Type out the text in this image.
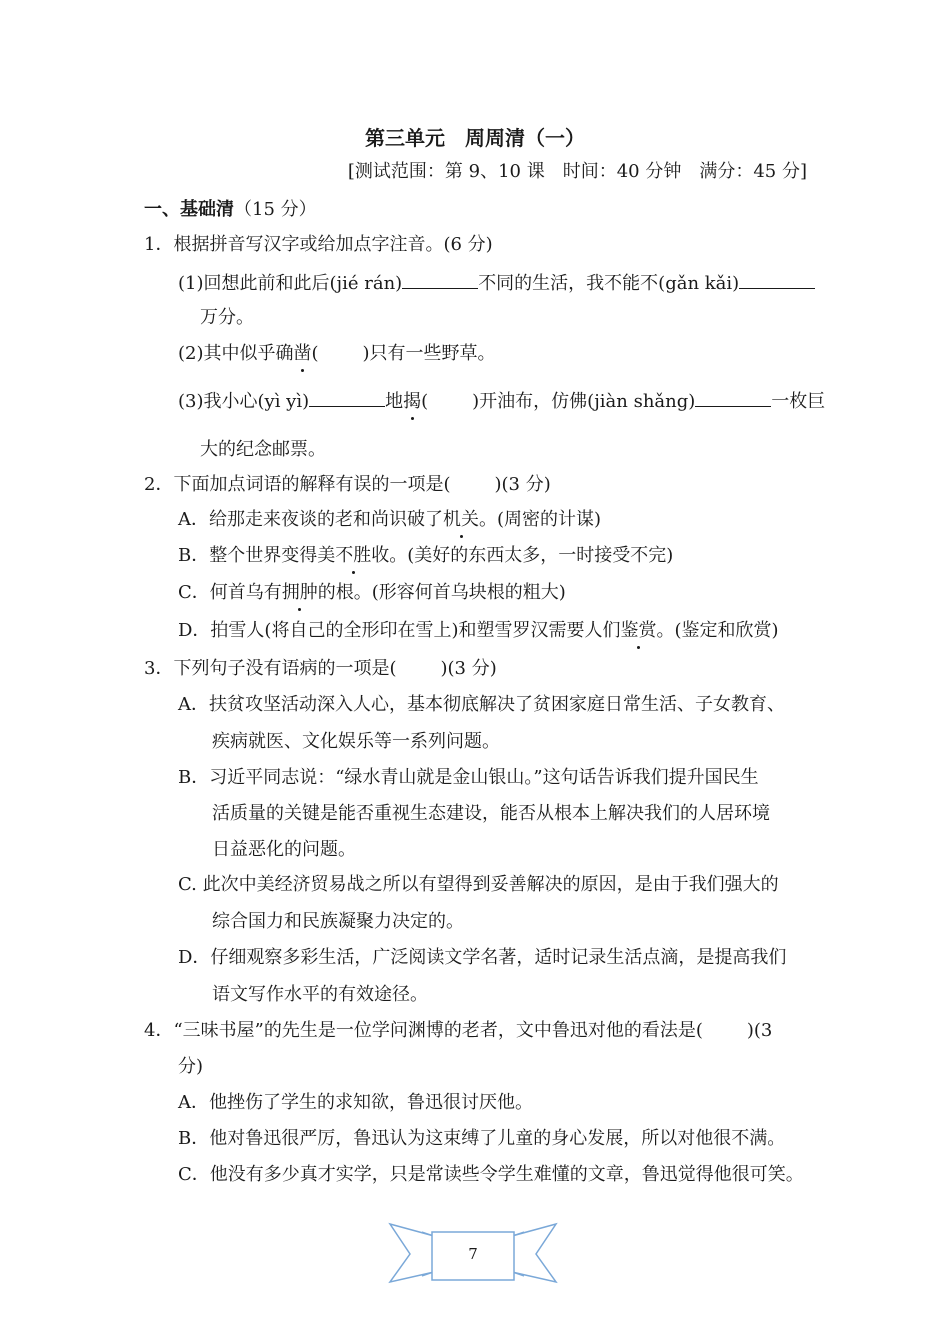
第三单元　周周清（一）
[测试范围：第 9、10 课　时间：40 分钟　满分：45 分]
一、基础清（15 分）
1．根据拼音写汉字或给加点字注音。(6 分)
(1)回想此前和此后(jié rán)	不同的生活，我不能不(gǎn kǎi)
万分。
(2)其中似乎确凿( )只有一些野草。
(3)我小心(yì yì)	地揭( )开油布，仿佛(jiàn shǎng)	一枚巨
大的纪念邮票。
2．下面加点词语的解释有误的一项是( )(3 分)
A．给那走来夜谈的老和尚识破了机关。(周密的计谋)
B．整个世界变得美不胜收。(美好的东西太多，一时接受不完)
C．何首乌有拥肿的根。(形容何首乌块根的粗大)
D．拍雪人(将自己的全形印在雪上)和塑雪罗汉需要人们鉴赏。(鉴定和欣赏)
3．下列句子没有语病的一项是( )(3 分)
A．扶贫攻坚活动深入人心，基本彻底解决了贫困家庭日常生活、子女教育、
疾病就医、文化娱乐等一系列问题。
B．习近平同志说：“绿水青山就是金山银山。”这句话告诉我们提升国民生
活质量的关键是能否重视生态建设，能否从根本上解决我们的人居环境
日益恶化的问题。
C. 此次中美经济贸易战之所以有望得到妥善解决的原因，是由于我们强大的
综合国力和民族凝聚力决定的。
D．仔细观察多彩生活，广泛阅读文学名著，适时记录生活点滴，是提高我们
语文写作水平的有效途径。
4．“三味书屋”的先生是一位学问渊博的老者，文中鲁迅对他的看法是( )(3
分)
A．他挫伤了学生的求知欲，鲁迅很讨厌他。
B．他对鲁迅很严厉，鲁迅认为这束缚了儿童的身心发展，所以对他很不满。
C．他没有多少真才实学，只是常读些令学生难懂的文章，鲁迅觉得他很可笑。
7
